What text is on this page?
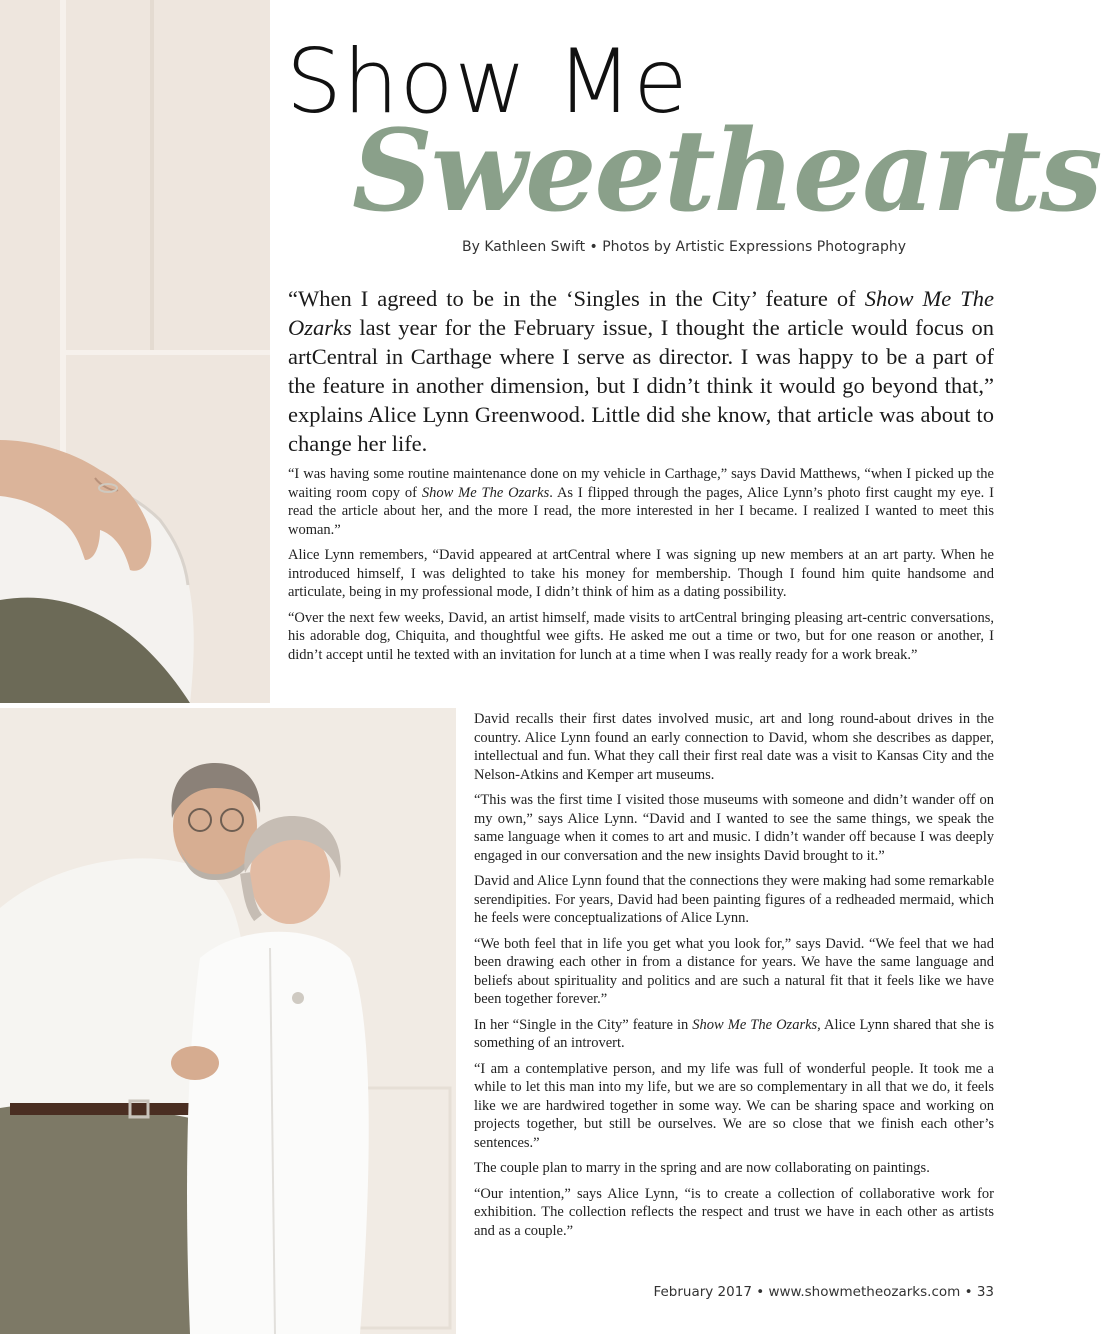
Show Me
Sweethearts

By Kathleen Swift • Photos by Artistic Expressions Photography

“When I agreed to be in the ‘Singles in the City’ feature of Show Me The Ozarks last year for the February issue, I thought the article would focus on artCentral in Carthage where I serve as director. I was happy to be a part of the feature in another dimension, but I didn’t think it would go beyond that,” explains Alice Lynn Greenwood. Little did she know, that article was about to change her life.

“I was having some routine maintenance done on my vehicle in Carthage,” says David Matthews, “when I picked up the waiting room copy of Show Me The Ozarks. As I flipped through the pages, Alice Lynn’s photo first caught my eye. I read the article about her, and the more I read, the more interested in her I became. I realized I wanted to meet this woman.”

Alice Lynn remembers, “David appeared at artCentral where I was signing up new members at an art party. When he introduced himself, I was delighted to take his money for membership. Though I found him quite handsome and articulate, being in my professional mode, I didn’t think of him as a dating possibility.

“Over the next few weeks, David, an artist himself, made visits to artCentral bringing pleasing art-centric conversations, his adorable dog, Chiquita, and thoughtful wee gifts. He asked me out a time or two, but for one reason or another, I didn’t accept until he texted with an invitation for lunch at a time when I was really ready for a work break.”

David recalls their first dates involved music, art and long round-about drives in the country. Alice Lynn found an early connection to David, whom she describes as dapper, intellectual and fun. What they call their first real date was a visit to Kansas City and the Nelson-Atkins and Kemper art museums.

“This was the first time I visited those museums with someone and didn’t wander off on my own,” says Alice Lynn. “David and I wanted to see the same things, we speak the same language when it comes to art and music. I didn’t wander off because I was deeply engaged in our conversation and the new insights David brought to it.”

David and Alice Lynn found that the connections they were making had some remarkable serendipities. For years, David had been painting figures of a redheaded mermaid, which he feels were conceptualizations of Alice Lynn.

“We both feel that in life you get what you look for,” says David. “We feel that we had been drawing each other in from a distance for years. We have the same language and beliefs about spirituality and politics and are such a natural fit that it feels like we have been together forever.”

In her “Single in the City” feature in Show Me The Ozarks, Alice Lynn shared that she is something of an introvert.

“I am a contemplative person, and my life was full of wonderful people. It took me a while to let this man into my life, but we are so complementary in all that we do, it feels like we are hardwired together in some way. We can be sharing space and working on projects together, but still be ourselves. We are so close that we finish each other’s sentences.”

The couple plan to marry in the spring and are now collaborating on paintings.

“Our intention,” says Alice Lynn, “is to create a collection of collaborative work for exhibition. The collection reflects the respect and trust we have in each other as artists and as a couple.”

February 2017 • www.showmetheozarks.com • 33
